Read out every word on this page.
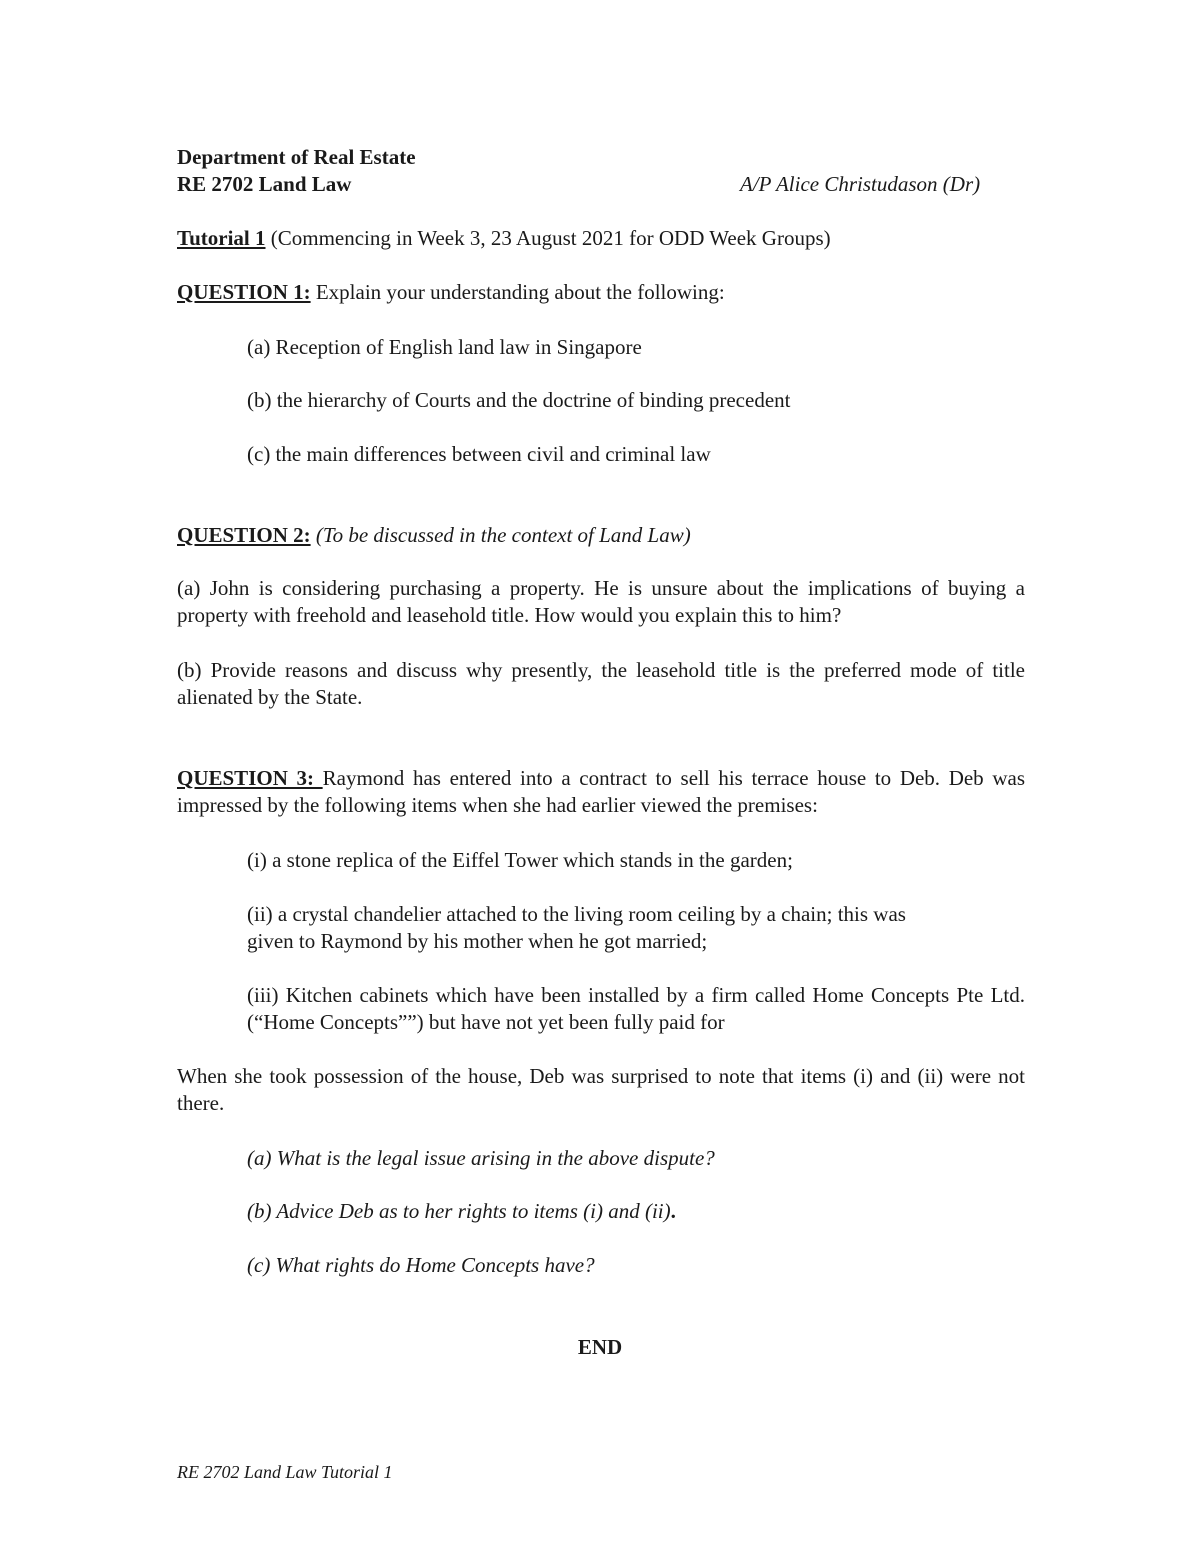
Department of Real Estate
RE 2702 Land Law	A/P Alice Christudason (Dr)
Tutorial 1 (Commencing in Week 3, 23 August 2021 for ODD Week Groups)
QUESTION 1: Explain your understanding about the following:
(a) Reception of English land law in Singapore
(b) the hierarchy of Courts and the doctrine of binding precedent
(c) the main differences between civil and criminal law
QUESTION 2: (To be discussed in the context of Land Law)
(a) John is considering purchasing a property. He is unsure about the implications of buying a property with freehold and leasehold title. How would you explain this to him?
(b) Provide reasons and discuss why presently, the leasehold title is the preferred mode of title alienated by the State.
QUESTION 3: Raymond has entered into a contract to sell his terrace house to Deb. Deb was impressed by the following items when she had earlier viewed the premises:
(i) a stone replica of the Eiffel Tower which stands in the garden;
(ii) a crystal chandelier attached to the living room ceiling by a chain; this was
given to Raymond by his mother when he got married;
(iii) Kitchen cabinets which have been installed by a firm called Home Concepts Pte Ltd. (“Home Concepts””) but have not yet been fully paid for
When she took possession of the house, Deb was surprised to note that items (i) and (ii) were not there.
(a) What is the legal issue arising in the above dispute?
(b) Advice Deb as to her rights to items (i) and (ii).
(c) What rights do Home Concepts have?
END
RE 2702 Land Law Tutorial 1
